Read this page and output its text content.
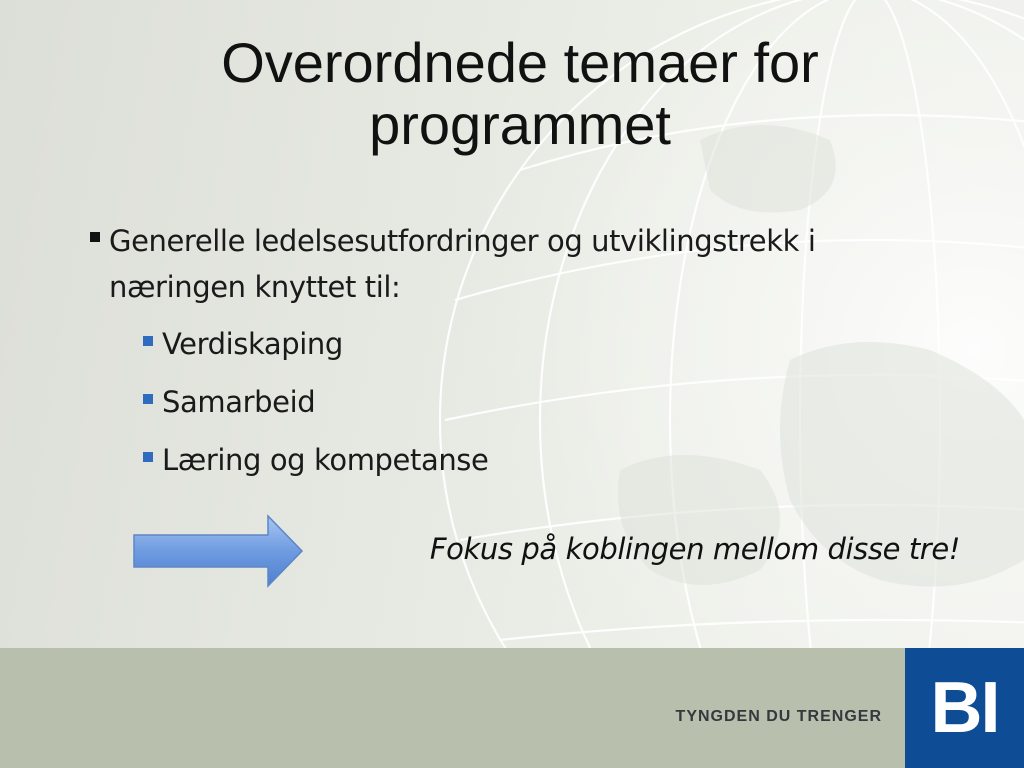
Overordnede temaer for
programmet
Generelle ledelsesutfordringer og utviklingstrekk i næringen knyttet til:
Verdiskaping
Samarbeid
Læring og kompetanse
Fokus på koblingen mellom disse tre!
TYNGDEN DU TRENGER BI
